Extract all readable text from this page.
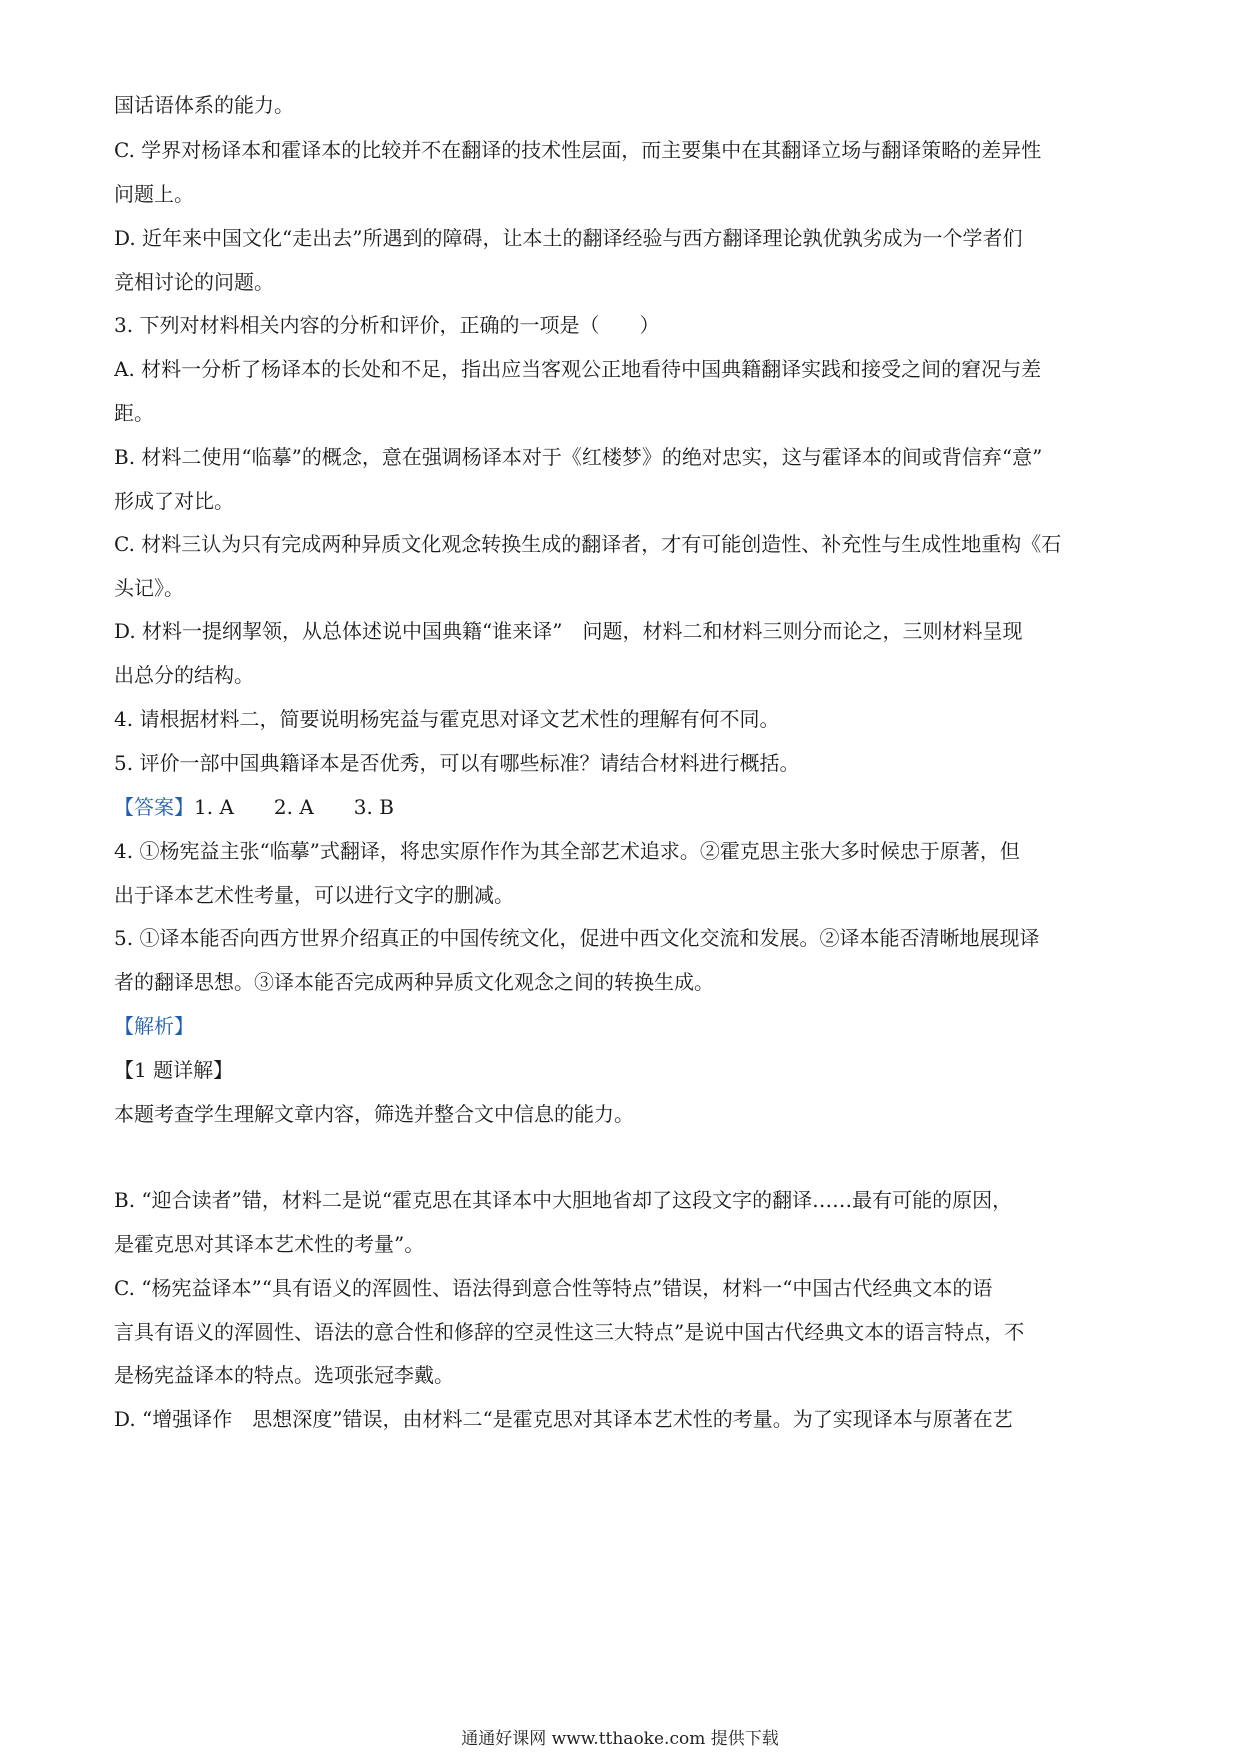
国话语体系的能力。
C. 学界对杨译本和霍译本的比较并不在翻译的技术性层面，而主要集中在其翻译立场与翻译策略的差异性
问题上。
D. 近年来中国文化“走出去”所遇到的障碍，让本土的翻译经验与西方翻译理论孰优孰劣成为一个学者们
竞相讨论的问题。
3. 下列对材料相关内容的分析和评价，正确的一项是（　　）
A. 材料一分析了杨译本的长处和不足，指出应当客观公正地看待中国典籍翻译实践和接受之间的窘况与差
距。
B. 材料二使用“临摹”的概念，意在强调杨译本对于《红楼梦》的绝对忠实，这与霍译本的间或背信弃“意”
形成了对比。
C. 材料三认为只有完成两种异质文化观念转换生成的翻译者，才有可能创造性、补充性与生成性地重构《石
头记》。
D. 材料一提纲挈领，从总体述说中国典籍“谁来译”　问题，材料二和材料三则分而论之，三则材料呈现
出总分的结构。
4. 请根据材料二，简要说明杨宪益与霍克思对译文艺术性的理解有何不同。
5. 评价一部中国典籍译本是否优秀，可以有哪些标准？请结合材料进行概括。
【答案】1. A　　2. A　　3. B
4. ①杨宪益主张“临摹”式翻译，将忠实原作作为其全部艺术追求。②霍克思主张大多时候忠于原著，但
出于译本艺术性考量，可以进行文字的删减。
5. ①译本能否向西方世界介绍真正的中国传统文化，促进中西文化交流和发展。②译本能否清晰地展现译
者的翻译思想。③译本能否完成两种异质文化观念之间的转换生成。
【解析】
【1 题详解】
本题考查学生理解文章内容，筛选并整合文中信息的能力。
B. “迎合读者”错，材料二是说“霍克思在其译本中大胆地省却了这段文字的翻译……最有可能的原因，
是霍克思对其译本艺术性的考量”。
C. “杨宪益译本”“具有语义的浑圆性、语法得到意合性等特点”错误，材料一“中国古代经典文本的语
言具有语义的浑圆性、语法的意合性和修辞的空灵性这三大特点”是说中国古代经典文本的语言特点，不
是杨宪益译本的特点。选项张冠李戴。
D. “增强译作　思想深度”错误，由材料二“是霍克思对其译本艺术性的考量。为了实现译本与原著在艺
通通好课网 www.tthaoke.com 提供下载
